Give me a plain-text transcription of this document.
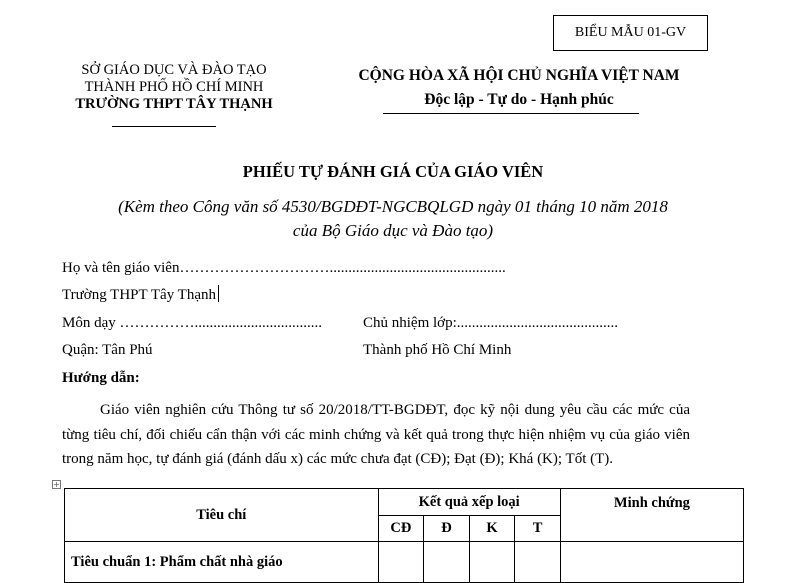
BIỂU MẪU 01-GV
SỞ GIÁO DỤC VÀ ĐÀO TẠO
THÀNH PHỐ HỒ CHÍ MINH
TRƯỜNG THPT TÂY THẠNH
CỘNG HÒA XÃ HỘI CHỦ NGHĨA VIỆT NAM
Độc lập - Tự do - Hạnh phúc
PHIẾU TỰ ĐÁNH GIÁ CỦA GIÁO VIÊN
(Kèm theo Công văn số 4530/BGDĐT-NGCBQLGD ngày 01 tháng 10 năm 2018
của Bộ Giáo dục và Đào tạo)
Họ và tên giáo viên…………………………...............................................
Trường THPT Tây Thạnh
Môn dạy ……………..................................	Chủ nhiệm lớp:...........................................
Quận: Tân Phú	Thành phố Hồ Chí Minh
Hướng dẫn:

Giáo viên nghiên cứu Thông tư số 20/2018/TT-BGDĐT, đọc kỹ nội dung yêu cầu các mức của từng tiêu chí, đối chiếu cẩn thận với các minh chứng và kết quả trong thực hiện nhiệm vụ của giáo viên trong năm học, tự đánh giá (đánh dấu x) các mức chưa đạt (CĐ); Đạt (Đ); Khá (K); Tốt (T).

+
Tiêu chí	Kết quả xếp loại				Minh chứng
	CĐ	Đ	K	T	
Tiêu chuẩn 1: Phẩm chất nhà giáo					
